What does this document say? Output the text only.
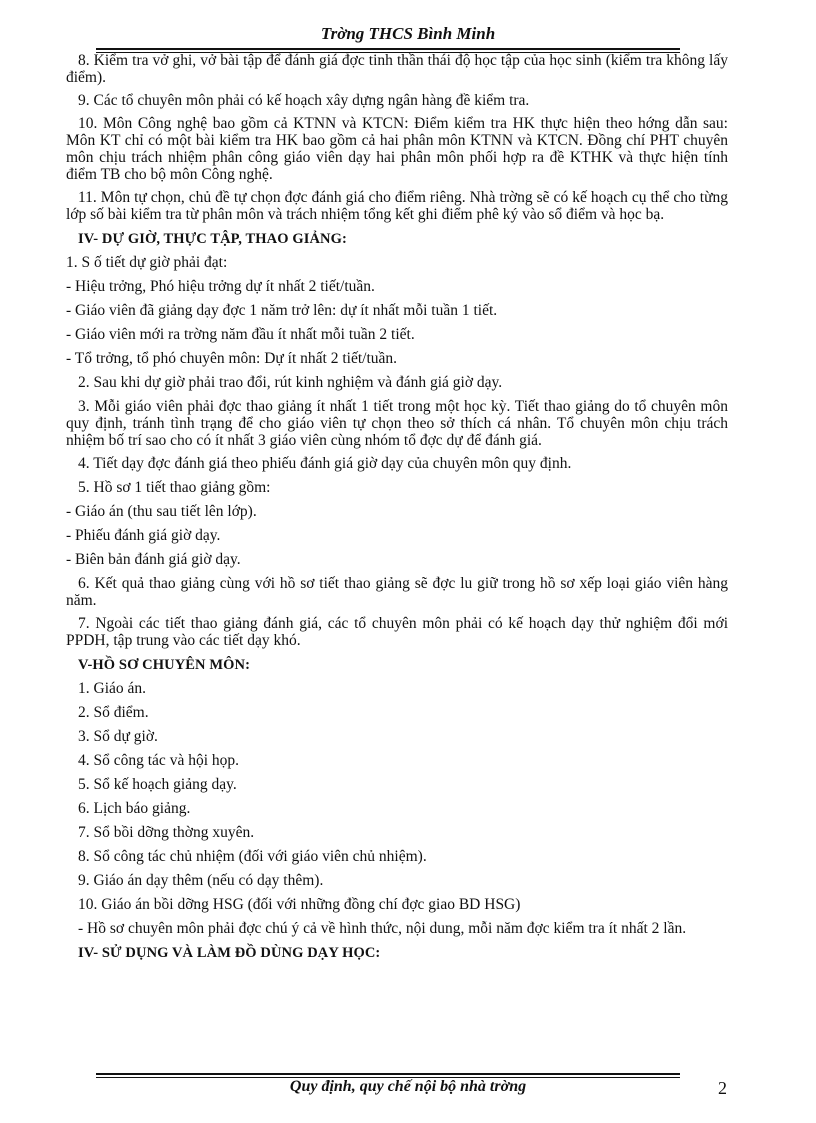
Trờng THCS Bình Minh

8. Kiểm tra vở ghi, vở bài tập để đánh giá đợc tinh thần thái độ học tập của học sinh (kiểm tra không lấy điểm).

9. Các tổ chuyên môn phải có kế hoạch xây dựng ngân hàng đề kiểm tra.

10. Môn Công nghệ bao gồm cả KTNN và KTCN: Điểm kiểm tra HK thực hiện theo hớng dẫn sau: Môn KT chỉ có một bài kiểm tra HK bao gồm cả hai phân môn KTNN và KTCN. Đồng chí PHT chuyên môn chịu trách nhiệm phân công giáo viên dạy hai phân môn phối hợp ra đề KTHK và thực hiện tính điểm TB cho bộ môn Công nghệ.

11. Môn tự chọn, chủ đề tự chọn đợc đánh giá cho điểm riêng. Nhà trờng sẽ có kế hoạch cụ thể cho từng lớp số bài kiểm tra từ phân môn và trách nhiệm tổng kết ghi điểm phê ký vào sổ điểm và học bạ.

IV- DỰ GIỜ, THỰC TẬP, THAO GIẢNG:

1. S ố tiết dự giờ phải đạt:

- Hiệu trởng, Phó hiệu trởng dự ít nhất 2 tiết/tuần.

- Giáo viên đã giảng dạy đợc 1 năm trở lên: dự ít nhất mỗi tuần 1 tiết.

- Giáo viên mới ra trờng năm đầu ít nhất mỗi tuần 2 tiết.

- Tổ trởng, tổ phó chuyên môn: Dự ít nhất 2 tiết/tuần.

2. Sau khi dự giờ phải trao đổi, rút kinh nghiệm và đánh giá giờ dạy.

3. Mỗi giáo viên phải đợc thao giảng ít nhất 1 tiết trong một học kỳ. Tiết thao giảng do tổ chuyên môn quy định, tránh tình trạng để cho giáo viên tự chọn theo sở thích cá nhân. Tổ chuyên môn chịu trách nhiệm bố trí sao cho có ít nhất 3 giáo viên cùng nhóm tổ đợc dự để đánh giá.

4. Tiết dạy đợc đánh giá theo phiếu đánh giá giờ dạy của chuyên môn quy định.

5. Hồ sơ 1 tiết thao giảng gồm:

- Giáo án (thu sau tiết lên lớp).

- Phiếu đánh giá giờ dạy.

- Biên bản đánh giá giờ dạy.

6. Kết quả thao giảng cùng với hồ sơ tiết thao giảng sẽ đợc lu giữ trong hồ sơ xếp loại giáo viên hàng năm.

7. Ngoài các tiết thao giảng đánh giá, các tổ chuyên môn phải có kế hoạch dạy thử nghiệm đổi mới PPDH, tập trung vào các tiết dạy khó.

V-HỒ SƠ CHUYÊN MÔN:

1. Giáo án.

2. Sổ điểm.

3. Sổ dự giờ.

4. Sổ công tác và hội họp.

5. Sổ kế hoạch giảng dạy.

6. Lịch báo giảng.

7. Sổ bồi dỡng thờng xuyên.

8. Sổ công tác chủ nhiệm (đối với giáo viên chủ nhiệm).

9. Giáo án dạy thêm (nếu có dạy thêm).

10. Giáo án bồi dỡng HSG (đối với những đồng chí đợc giao BD HSG)

- Hồ sơ chuyên môn phải đợc chú ý cả về hình thức, nội dung, mỗi năm đợc kiểm tra ít nhất 2 lần.

IV- SỬ DỤNG VÀ LÀM ĐỒ DÙNG DẠY HỌC:
Quy định, quy chế nội bộ nhà trờng	2
